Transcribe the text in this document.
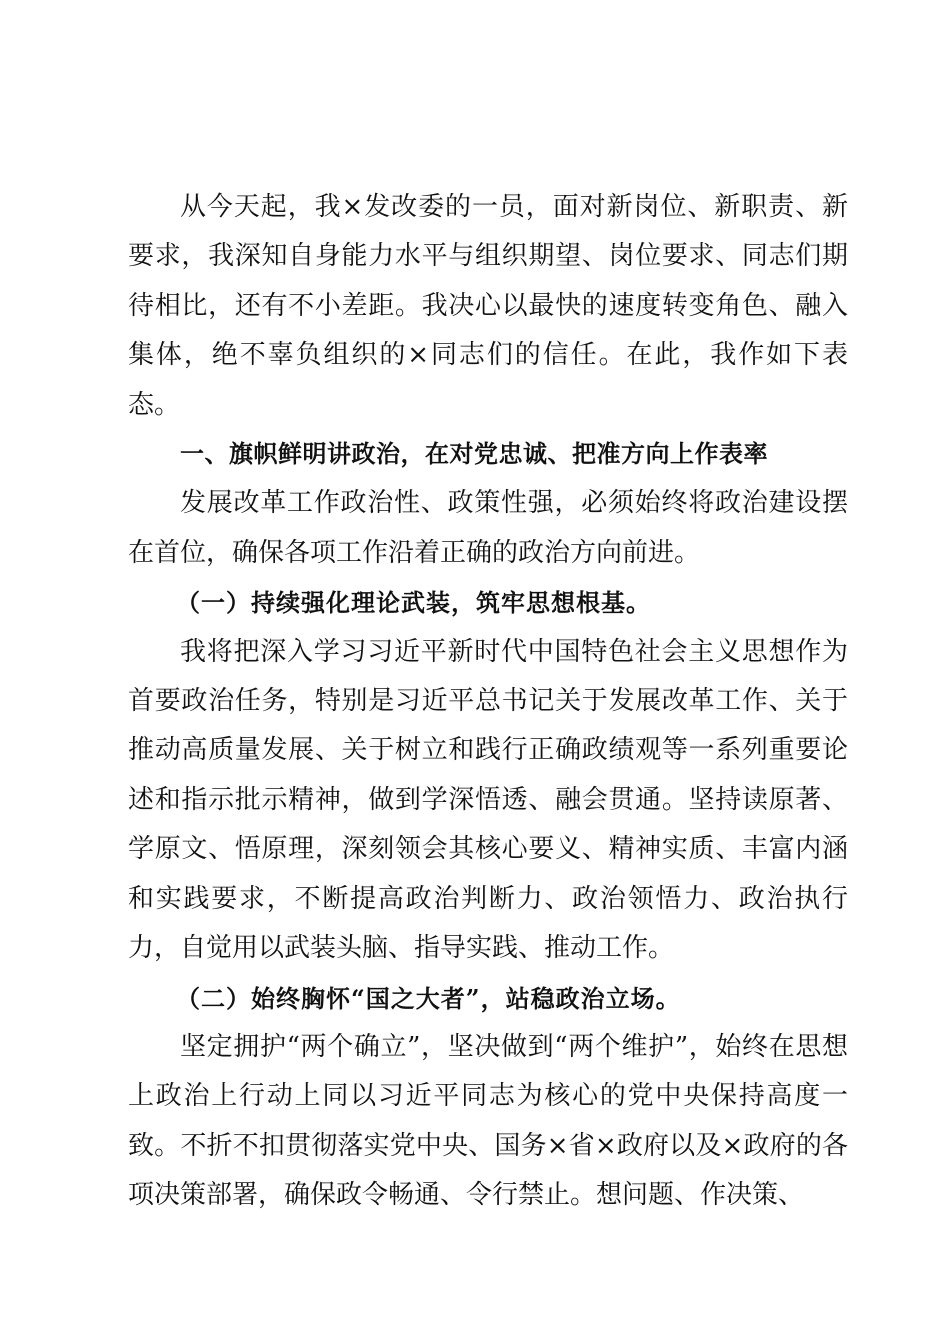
从今天起，我×发改委的一员，面对新岗位、新职责、新要求，我深知自身能力水平与组织期望、岗位要求、同志们期待相比，还有不小差距。我决心以最快的速度转变角色、融入集体，绝不辜负组织的×同志们的信任。在此，我作如下表态。

一、旗帜鲜明讲政治，在对党忠诚、把准方向上作表率

发展改革工作政治性、政策性强，必须始终将政治建设摆在首位，确保各项工作沿着正确的政治方向前进。

（一）持续强化理论武装，筑牢思想根基。

我将把深入学习习近平新时代中国特色社会主义思想作为首要政治任务，特别是习近平总书记关于发展改革工作、关于推动高质量发展、关于树立和践行正确政绩观等一系列重要论述和指示批示精神，做到学深悟透、融会贯通。坚持读原著、学原文、悟原理，深刻领会其核心要义、精神实质、丰富内涵和实践要求，不断提高政治判断力、政治领悟力、政治执行力，自觉用以武装头脑、指导实践、推动工作。

（二）始终胸怀“国之大者”，站稳政治立场。

坚定拥护“两个确立”，坚决做到“两个维护”，始终在思想上政治上行动上同以习近平同志为核心的党中央保持高度一致。不折不扣贯彻落实党中央、国务×省×政府以及×政府的各项决策部署，确保政令畅通、令行禁止。想问题、作决策、
